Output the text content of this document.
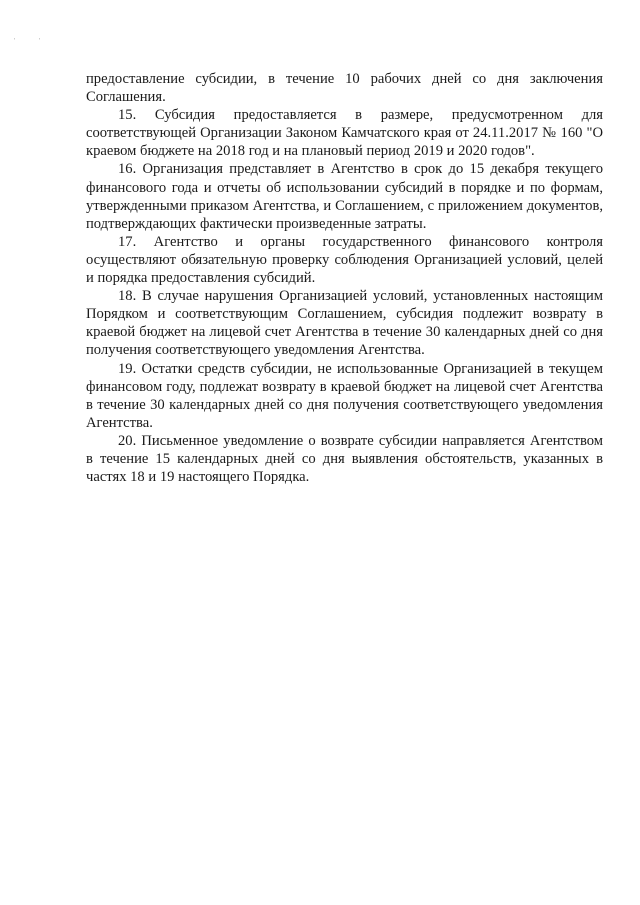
'	'

предоставление субсидии, в течение 10 рабочих дней со дня заключения Соглашения.

15. Субсидия предоставляется в размере, предусмотренном для соответствующей Организации Законом Камчатского края от 24.11.2017 № 160 "О краевом бюджете на 2018 год и на плановый период 2019 и 2020 годов".

16. Организация представляет в Агентство в срок до 15 декабря текущего финансового года и отчеты об использовании субсидий в порядке и по формам, утвержденными приказом Агентства, и Соглашением, с приложением документов, подтверждающих фактически произведенные затраты.

17. Агентство и органы государственного финансового контроля осуществляют обязательную проверку соблюдения Организацией условий, целей и порядка предоставления субсидий.

18. В случае нарушения Организацией условий, установленных настоящим Порядком и соответствующим Соглашением, субсидия подлежит возврату в краевой бюджет на лицевой счет Агентства в течение 30 календарных дней со дня получения соответствующего уведомления Агентства.

19. Остатки средств субсидии, не использованные Организацией в текущем финансовом году, подлежат возврату в краевой бюджет на лицевой счет Агентства в течение 30 календарных дней со дня получения соответствующего уведомления Агентства.

20. Письменное уведомление о возврате субсидии направляется Агентством в течение 15 календарных дней со дня выявления обстоятельств, указанных в частях 18 и 19 настоящего Порядка.
